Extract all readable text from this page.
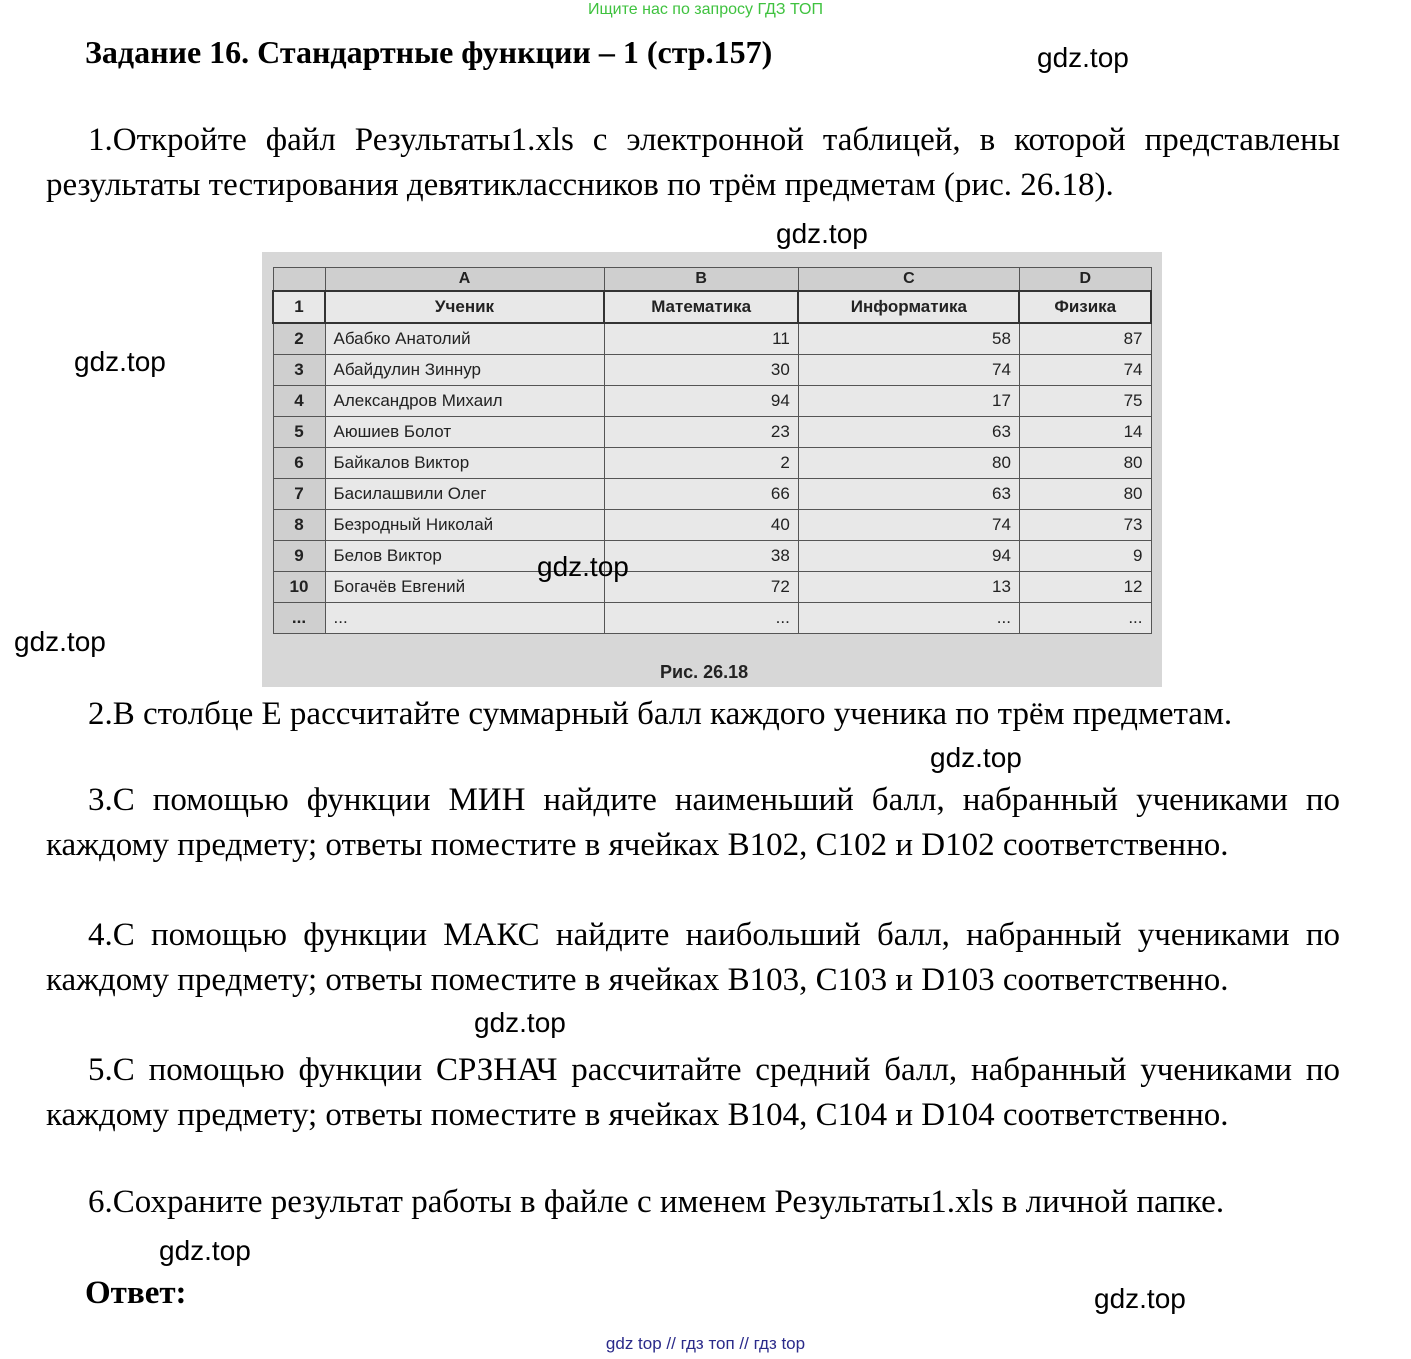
Ищите нас по запросу ГДЗ ТОП
Задание 16. Стандартные функции – 1 (стр.157)
1.Откройте файл Результаты1.xls с электронной таблицей, в которой представлены результаты тестирования девятиклассников по трём предметам (рис. 26.18).
	A	B	C	D
1	Ученик	Математика	Информатика	Физика
2	Абабко Анатолий	11	58	87
3	Абайдулин Зиннур	30	74	74
4	Александров Михаил	94	17	75
5	Аюшиев Болот	23	63	14
6	Байкалов Виктор	2	80	80
7	Басилашвили Олег	66	63	80
8	Безродный Николай	40	74	73
9	Белов Виктор	38	94	9
10	Богачёв Евгений	72	13	12
...	...	...	...	...
Рис. 26.18
2.В столбце E рассчитайте суммарный балл каждого ученика по трём предметам.
3.С помощью функции МИН найдите наименьший балл, набранный учениками по каждому предмету; ответы поместите в ячейках B102, C102 и D102 соответственно.
4.С помощью функции МАКС найдите наибольший балл, набранный учениками по каждому предмету; ответы поместите в ячейках B103, C103 и D103 соответственно.
5.С помощью функции СРЗНАЧ рассчитайте средний балл, набранный учениками по каждому предмету; ответы поместите в ячейках B104, C104 и D104 соответственно.
6.Сохраните результат работы в файле с именем Результаты1.xls в личной папке.
Ответ:
gdz.top
gdz.top
gdz.top
gdz.top
gdz.top
gdz.top
gdz.top
gdz.top
gdz.top
gdz top // гдз топ // гдз top
